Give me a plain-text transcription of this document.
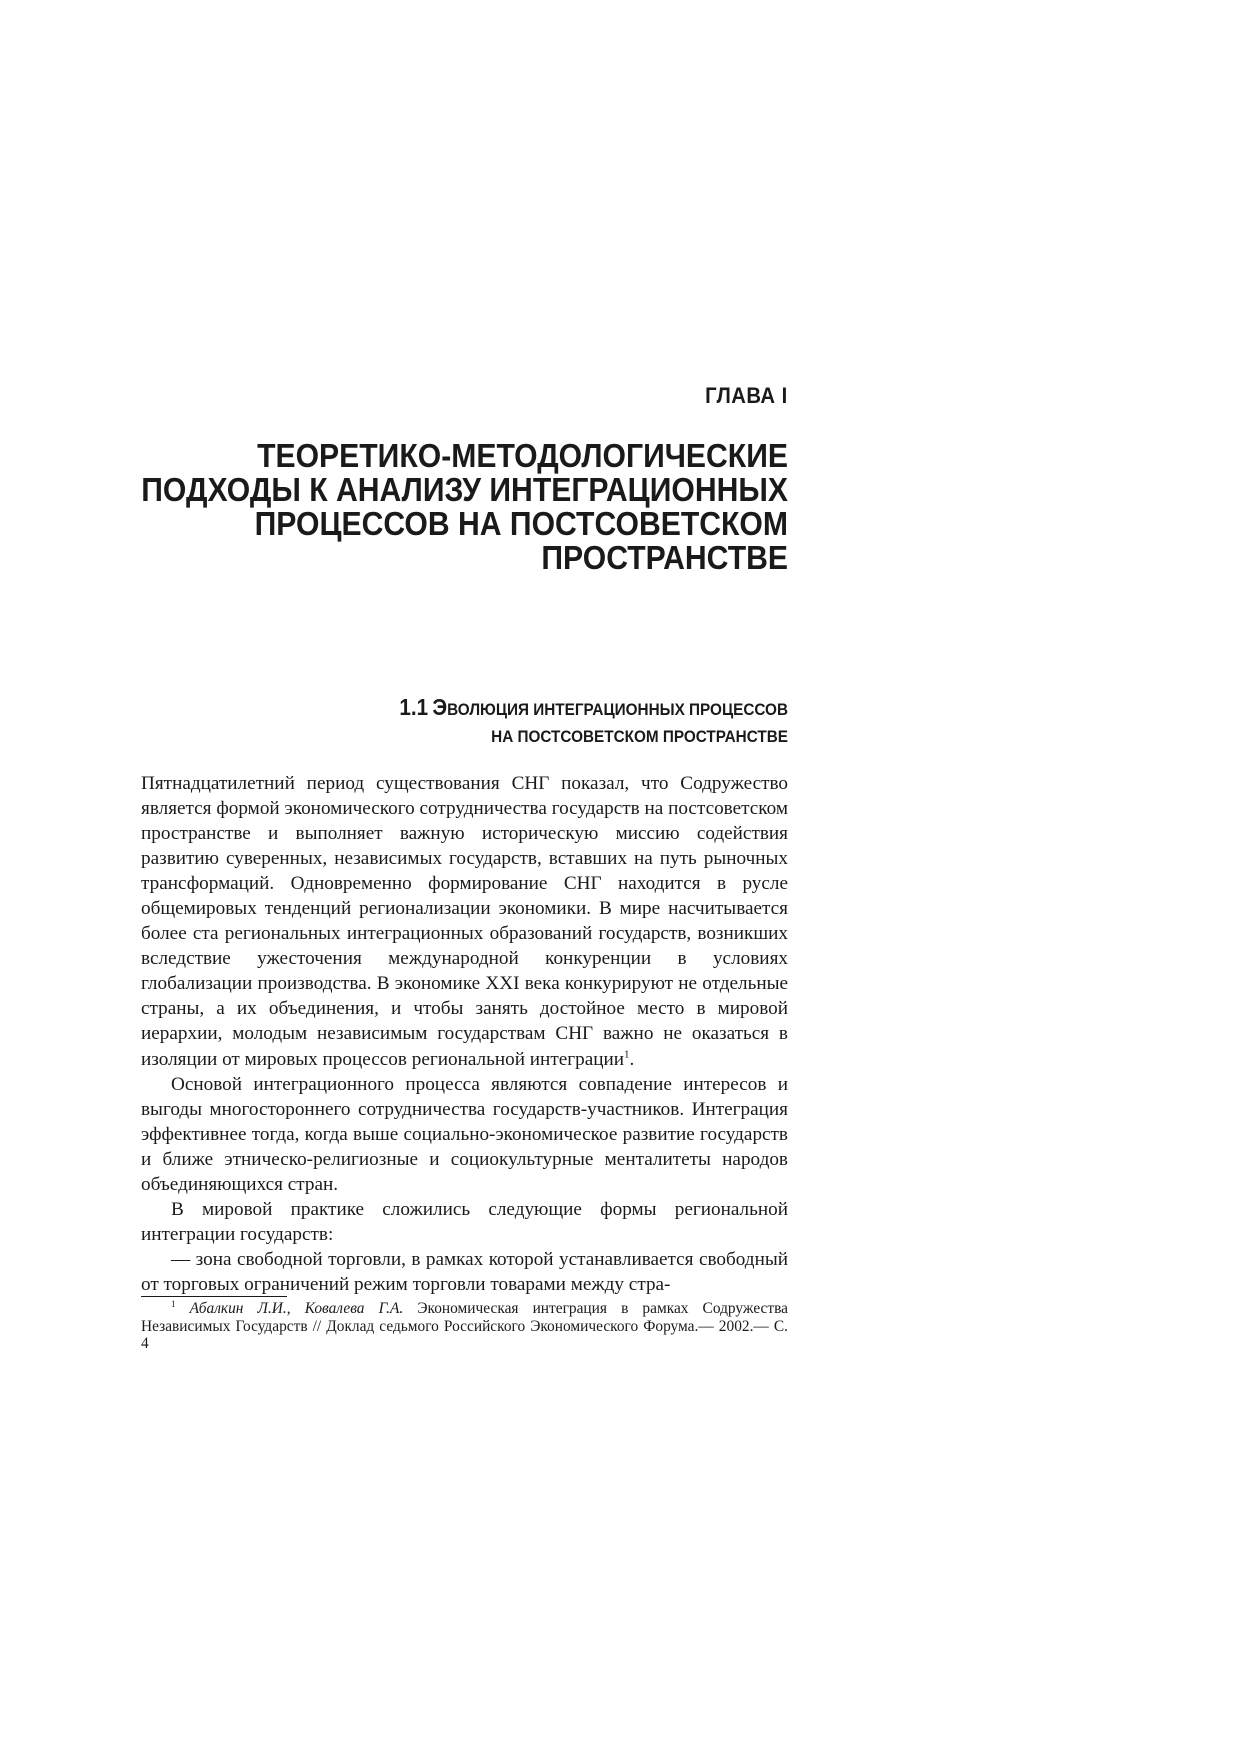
ГЛАВА I
ТЕОРЕТИКО-МЕТОДОЛОГИЧЕСКИЕ
ПОДХОДЫ К АНАЛИЗУ ИНТЕГРАЦИОННЫХ
ПРОЦЕССОВ НА ПОСТСОВЕТСКОМ
ПРОСТРАНСТВЕ
1.1 ЭВОЛЮЦИЯ ИНТЕГРАЦИОННЫХ ПРОЦЕССОВ
НА ПОСТСОВЕТСКОМ ПРОСТРАНСТВЕ

Пятнадцатилетний период существования СНГ показал, что Содружество является формой экономического сотрудничества государств на постсоветском пространстве и выполняет важную историческую миссию содействия развитию суверенных, независимых государств, вставших на путь рыночных трансформаций. Одновременно формирование СНГ находится в русле общемировых тенденций регионализации экономики. В мире насчитывается более ста региональных интеграционных образований государств, возникших вследствие ужесточения международной конкуренции в условиях глобализации производства. В экономике XXI века конкурируют не отдельные страны, а их объединения, и чтобы занять достойное место в мировой иерархии, молодым независимым государствам СНГ важно не оказаться в изоляции от мировых процессов региональной интеграции$^1$.

Основой интеграционного процесса являются совпадение интересов и выгоды многостороннего сотрудничества государств-участников. Интеграция эффективнее тогда, когда выше социально-экономическое развитие государств и ближе этническо-религиозные и социокультурные менталитеты народов объединяющихся стран.

В мировой практике сложились следующие формы региональной интеграции государств:

— зона свободной торговли, в рамках которой устанавливается свободный от торговых ограничений режим торговли товарами между стра-

$^1$ Абалкин Л.И., Ковалева Г.А. Экономическая интеграция в рамках Содружества Независимых Государств // Доклад седьмого Российского Экономического Форума.— 2002.— С. 4
